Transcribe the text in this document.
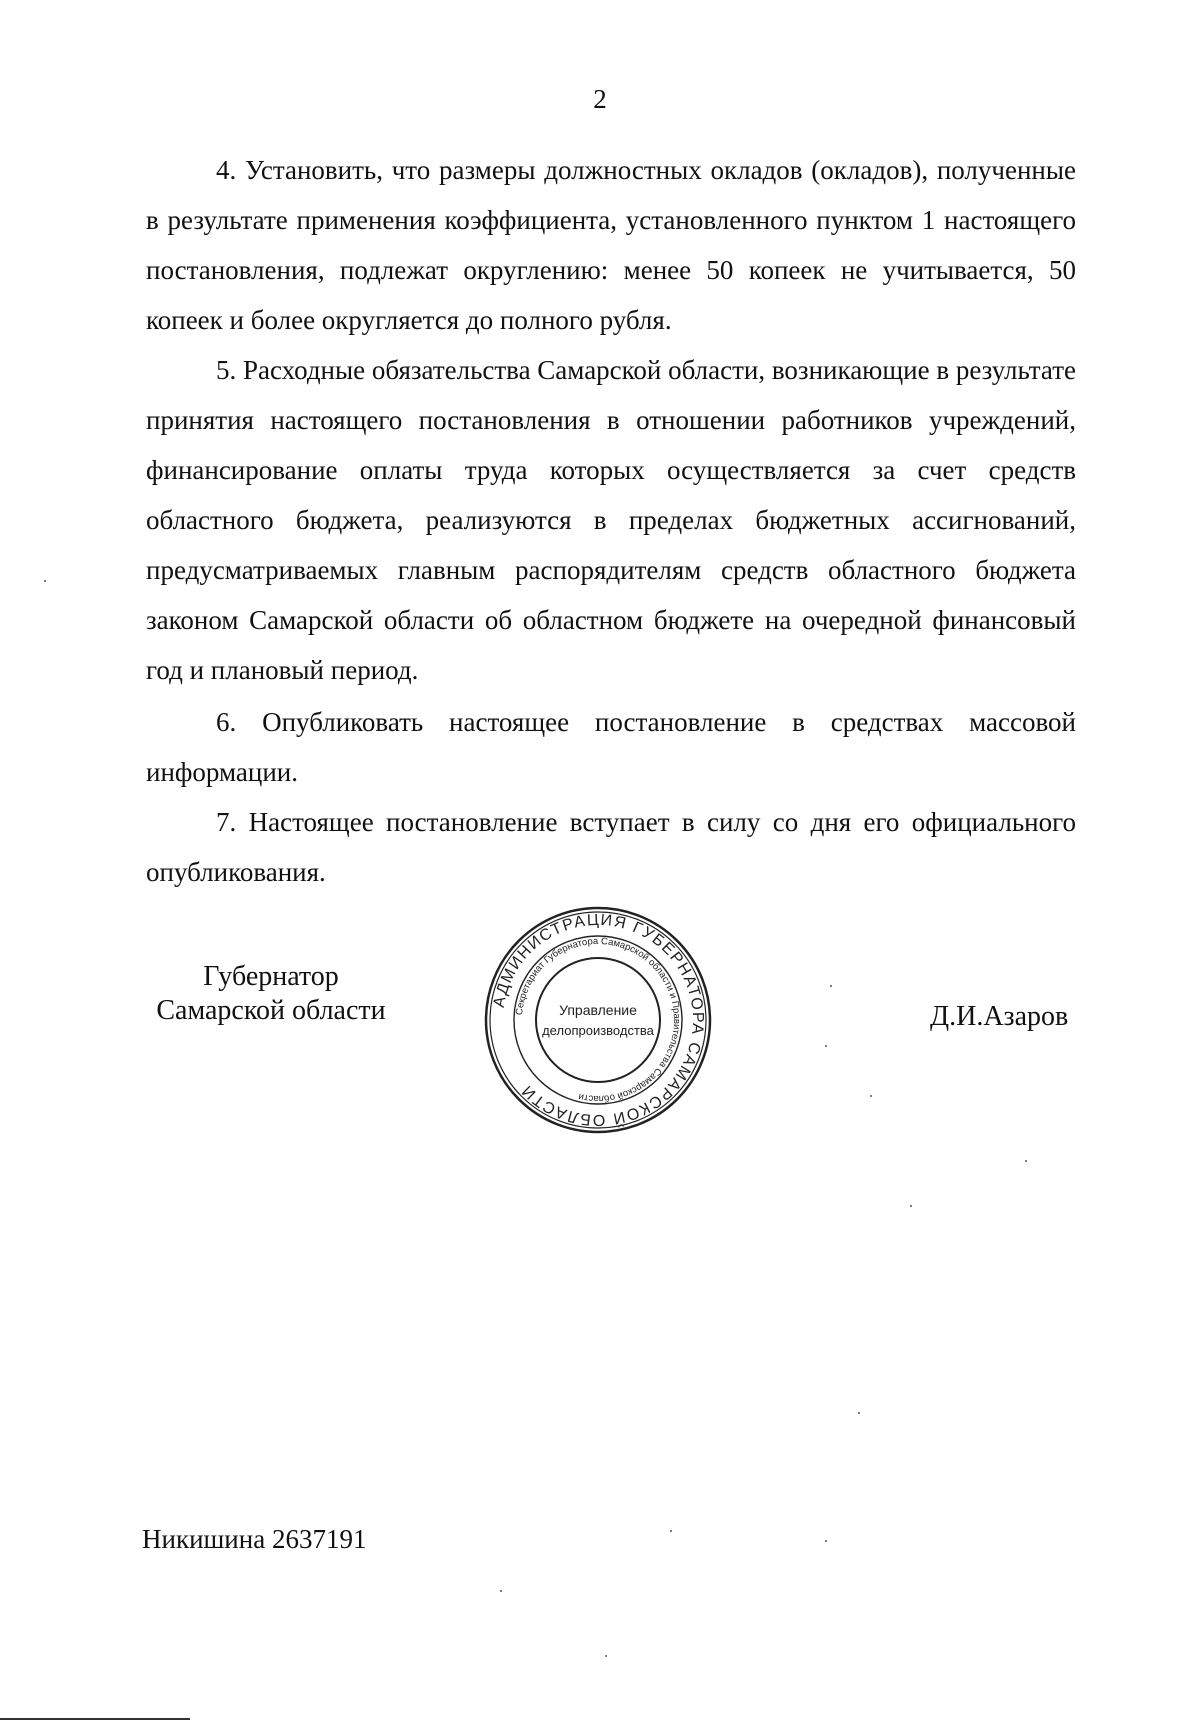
2

4. Установить, что размеры должностных окладов (окладов), полученные в результате применения коэффициента, установленного пунктом 1 настоящего постановления, подлежат округлению: менее 50 копеек не учитывается, 50 копеек и более округляется до полного рубля.

5. Расходные обязательства Самарской области, возникающие в результате принятия настоящего постановления в отношении работников учреждений, финансирование оплаты труда которых осуществляется за счет средств областного бюджета, реализуются в пределах бюджетных ассигнований, предусматриваемых главным распорядителям средств областного бюджета законом Самарской области об областном бюджете на очередной финансовый год и плановый период.

6. Опубликовать настоящее постановление в средствах массовой информации.

7. Настоящее постановление вступает в силу со дня его официального опубликования.

Губернатор
Самарской области	АДМИНИСТРАЦИЯ ГУБЕРНАТОРА САМАРСКОЙ ОБЛАСТИ
Секретариат Губернатора Самарской области и Правительства Самарской области
Управление
делопроизводства	Д.И.Азаров
Никишина 2637191
